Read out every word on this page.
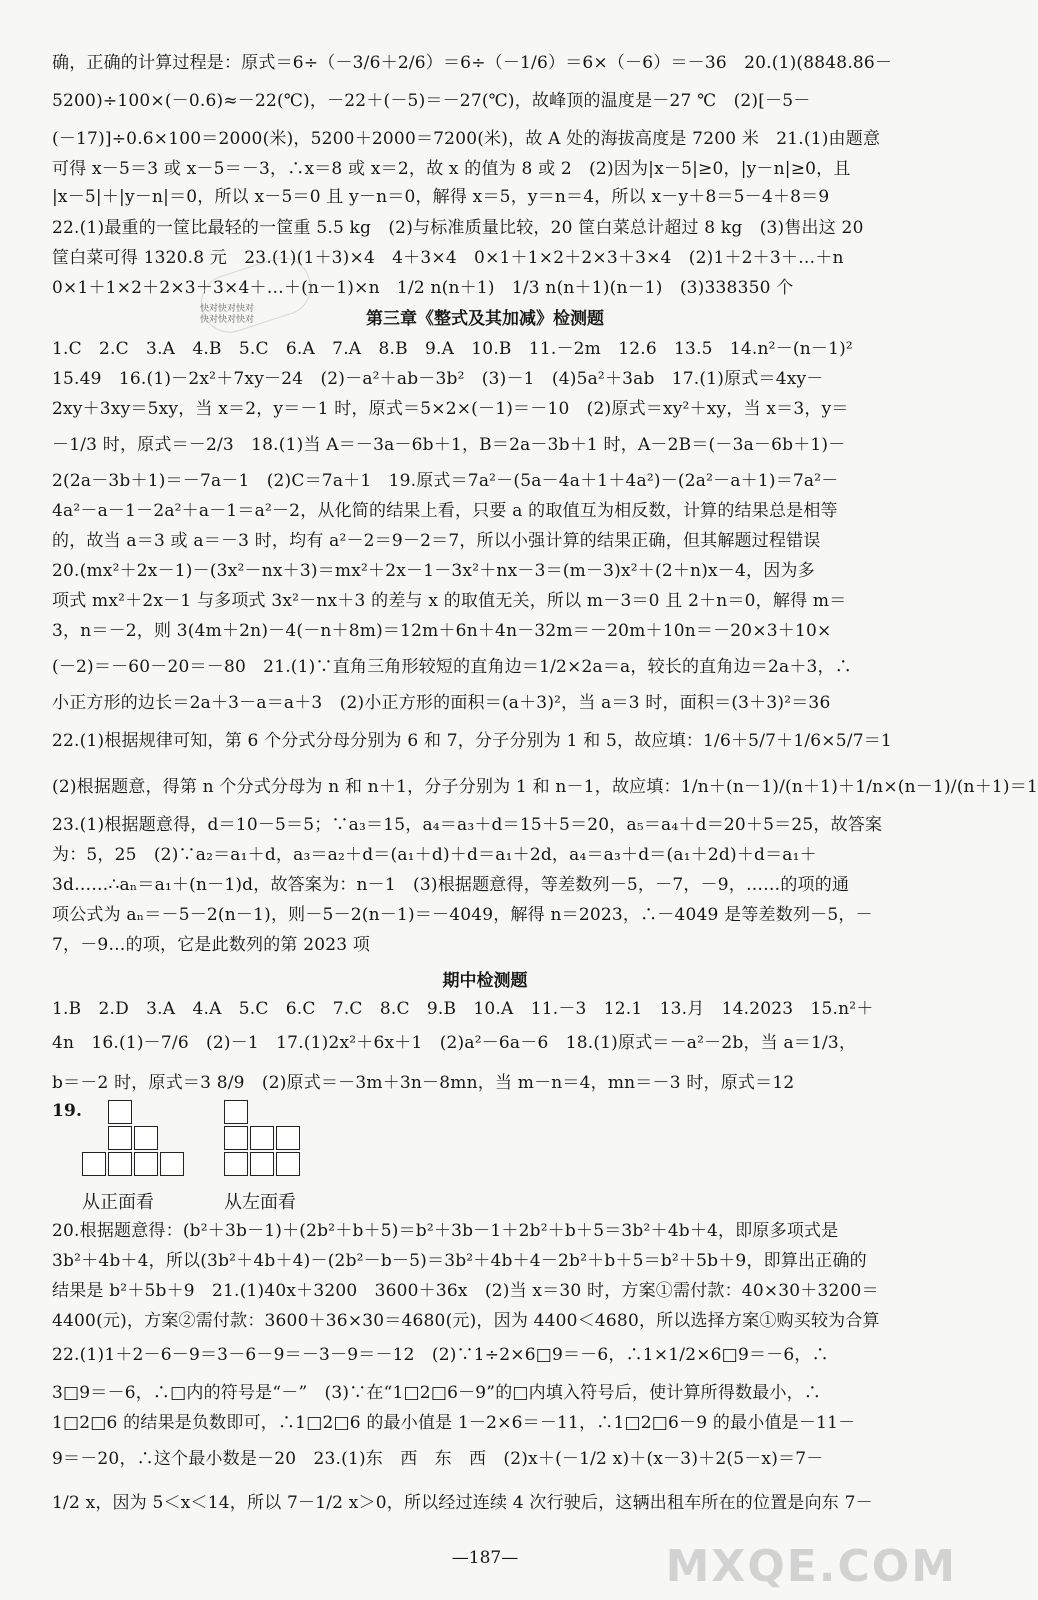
确，正确的计算过程是：原式＝6÷（－3/6＋2/6）＝6÷（－1/6）＝6×（－6）＝－36　20.(1)(8848.86－
5200)÷100×(－0.6)≈－22(℃)，－22＋(－5)＝－27(℃)，故峰顶的温度是－27 ℃　(2)[－5－
(－17)]÷0.6×100＝2000(米)，5200＋2000＝7200(米)，故 A 处的海拔高度是 7200 米　21.(1)由题意
可得 x－5＝3 或 x－5＝－3，∴x＝8 或 x＝2，故 x 的值为 8 或 2　(2)因为|x－5|≥0，|y－n|≥0，且
|x－5|＋|y－n|＝0，所以 x－5＝0 且 y－n＝0，解得 x＝5，y＝n＝4，所以 x－y＋8＝5－4＋8＝9
22.(1)最重的一筐比最轻的一筐重 5.5 kg　(2)与标准质量比较，20 筐白菜总计超过 8 kg　(3)售出这 20
筐白菜可得 1320.8 元　23.(1)(1＋3)×4　4＋3×4　0×1＋1×2＋2×3＋3×4　(2)1＋2＋3＋…＋n
0×1＋1×2＋2×3＋3×4＋…＋(n－1)×n　1/2 n(n＋1)　1/3 n(n＋1)(n－1)　(3)338350 个
快对快对快对
快对快对快对	第三章《整式及其加减》检测题
1.C　2.C　3.A　4.B　5.C　6.A　7.A　8.B　9.A　10.B　11.－2m　12.6　13.5　14.n²－(n－1)²
15.49　16.(1)－2x²＋7xy－24　(2)－a²＋ab－3b²　(3)－1　(4)5a²＋3ab　17.(1)原式＝4xy－
2xy＋3xy＝5xy，当 x＝2，y＝－1 时，原式＝5×2×(－1)＝－10　(2)原式＝xy²＋xy，当 x＝3，y＝
－1/3 时，原式＝－2/3　18.(1)当 A＝－3a－6b＋1，B＝2a－3b＋1 时，A－2B＝(－3a－6b＋1)－
2(2a－3b＋1)＝－7a－1　(2)C＝7a＋1　19.原式＝7a²－(5a－4a＋1＋4a²)－(2a²－a＋1)＝7a²－
4a²－a－1－2a²＋a－1＝a²－2，从化简的结果上看，只要 a 的取值互为相反数，计算的结果总是相等
的，故当 a＝3 或 a＝－3 时，均有 a²－2＝9－2＝7，所以小强计算的结果正确，但其解题过程错误
20.(mx²＋2x－1)－(3x²－nx＋3)＝mx²＋2x－1－3x²＋nx－3＝(m－3)x²＋(2＋n)x－4，因为多
项式 mx²＋2x－1 与多项式 3x²－nx＋3 的差与 x 的取值无关，所以 m－3＝0 且 2＋n＝0，解得 m＝
3，n＝－2，则 3(4m＋2n)－4(－n＋8m)＝12m＋6n＋4n－32m＝－20m＋10n＝－20×3＋10×
(－2)＝－60－20＝－80　21.(1)∵直角三角形较短的直角边＝1/2×2a＝a，较长的直角边＝2a＋3，∴
小正方形的边长＝2a＋3－a＝a＋3　(2)小正方形的面积＝(a＋3)²，当 a＝3 时，面积＝(3＋3)²＝36
22.(1)根据规律可知，第 6 个分式分母分别为 6 和 7，分子分别为 1 和 5，故应填：1/6＋5/7＋1/6×5/7＝1
(2)根据题意，得第 n 个分式分母为 n 和 n＋1，分子分别为 1 和 n－1，故应填：1/n＋(n－1)/(n＋1)＋1/n×(n－1)/(n＋1)＝1
23.(1)根据题意得，d＝10－5＝5；∵a₃＝15，a₄＝a₃＋d＝15＋5＝20，a₅＝a₄＋d＝20＋5＝25，故答案
为：5，25　(2)∵a₂＝a₁＋d，a₃＝a₂＋d＝(a₁＋d)＋d＝a₁＋2d，a₄＝a₃＋d＝(a₁＋2d)＋d＝a₁＋
3d……∴aₙ＝a₁＋(n－1)d，故答案为：n－1　(3)根据题意得，等差数列－5，－7，－9，……的项的通
项公式为 aₙ＝－5－2(n－1)，则－5－2(n－1)＝－4049，解得 n＝2023，∴－4049 是等差数列－5，－
7，－9…的项，它是此数列的第 2023 项
期中检测题
1.B　2.D　3.A　4.A　5.C　6.C　7.C　8.C　9.B　10.A　11.－3　12.1　13.月　14.2023　15.n²＋
4n　16.(1)－7/6　(2)－1　17.(1)2x²＋6x＋1　(2)a²－6a－6　18.(1)原式＝－a²－2b，当 a＝1/3，
b＝－2 时，原式＝3 8/9　(2)原式＝－3m＋3n－8mn，当 m－n＝4，mn＝－3 时，原式＝12
19.
从正面看	从左面看
20.根据题意得：(b²＋3b－1)＋(2b²＋b＋5)＝b²＋3b－1＋2b²＋b＋5＝3b²＋4b＋4，即原多项式是
3b²＋4b＋4，所以(3b²＋4b＋4)－(2b²－b－5)＝3b²＋4b＋4－2b²＋b＋5＝b²＋5b＋9，即算出正确的
结果是 b²＋5b＋9　21.(1)40x＋3200　3600＋36x　(2)当 x＝30 时，方案①需付款：40×30＋3200＝
4400(元)，方案②需付款：3600＋36×30＝4680(元)，因为 4400＜4680，所以选择方案①购买较为合算
22.(1)1＋2－6－9＝3－6－9＝－3－9＝－12　(2)∵1÷2×6□9＝－6，∴1×1/2×6□9＝－6，∴
3□9＝－6，∴□内的符号是“－”　(3)∵在“1□2□6－9”的□内填入符号后，使计算所得数最小，∴
1□2□6 的结果是负数即可，∴1□2□6 的最小值是 1－2×6＝－11，∴1□2□6－9 的最小值是－11－
9＝－20，∴这个最小数是－20　23.(1)东　西　东　西　(2)x＋(－1/2 x)＋(x－3)＋2(5－x)＝7－
1/2 x，因为 5＜x＜14，所以 7－1/2 x＞0，所以经过连续 4 次行驶后，这辆出租车所在的位置是向东 7－
—187—	MXQE.COM
